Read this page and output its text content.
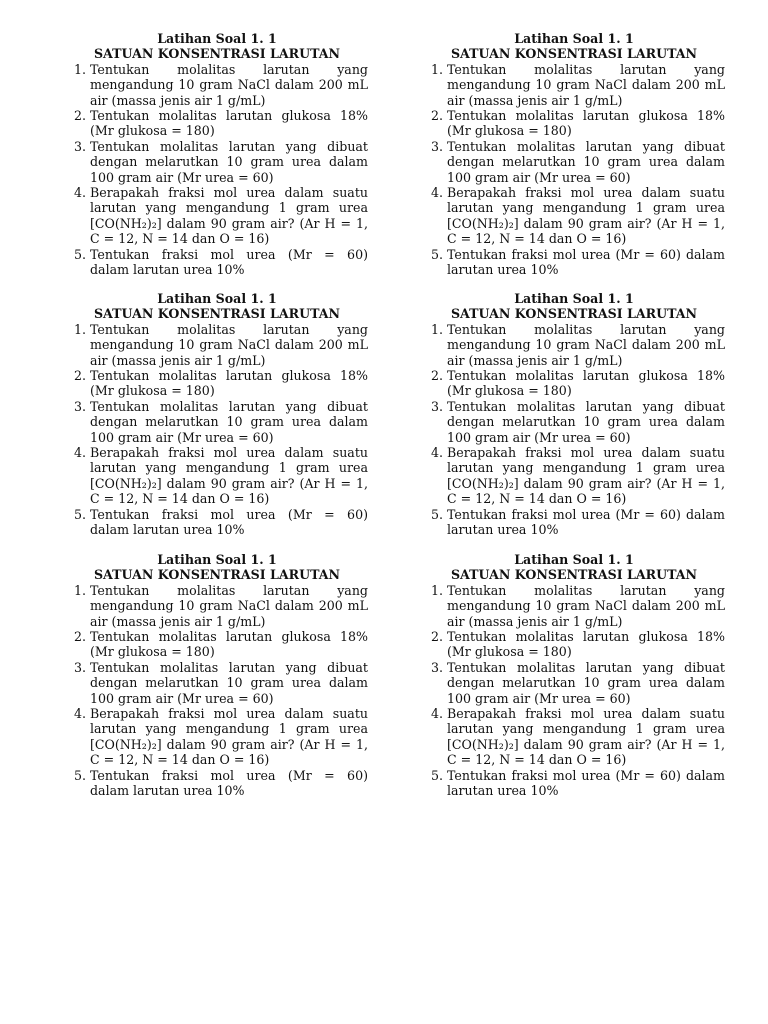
Latihan Soal 1. 1
SATUAN KONSENTRASI LARUTAN
1. Tentukan molalitas larutan yang
mengandung 10 gram NaCl dalam 200 mL
air (massa jenis air 1 g/mL)
2. Tentukan molalitas larutan glukosa 18%
(Mr glukosa = 180)
3. Tentukan molalitas larutan yang dibuat
dengan melarutkan 10 gram urea dalam
100 gram air (Mr urea = 60)
4. Berapakah fraksi mol urea dalam suatu
larutan yang mengandung 1 gram urea
[CO(NH₂)₂] dalam 90 gram air? (Ar H = 1,
C = 12, N = 14 dan O = 16)
5. Tentukan fraksi mol urea (Mr = 60)
dalam larutan urea 10%
Latihan Soal 1. 1
SATUAN KONSENTRASI LARUTAN
1. Tentukan molalitas larutan yang
mengandung 10 gram NaCl dalam 200 mL
air (massa jenis air 1 g/mL)
2. Tentukan molalitas larutan glukosa 18%
(Mr glukosa = 180)
3. Tentukan molalitas larutan yang dibuat
dengan melarutkan 10 gram urea dalam
100 gram air (Mr urea = 60)
4. Berapakah fraksi mol urea dalam suatu
larutan yang mengandung 1 gram urea
[CO(NH₂)₂] dalam 90 gram air? (Ar H = 1,
C = 12, N = 14 dan O = 16)
5. Tentukan fraksi mol urea (Mr = 60) dalam
larutan urea 10%
Latihan Soal 1. 1
SATUAN KONSENTRASI LARUTAN
1. Tentukan molalitas larutan yang
mengandung 10 gram NaCl dalam 200 mL
air (massa jenis air 1 g/mL)
2. Tentukan molalitas larutan glukosa 18%
(Mr glukosa = 180)
3. Tentukan molalitas larutan yang dibuat
dengan melarutkan 10 gram urea dalam
100 gram air (Mr urea = 60)
4. Berapakah fraksi mol urea dalam suatu
larutan yang mengandung 1 gram urea
[CO(NH₂)₂] dalam 90 gram air? (Ar H = 1,
C = 12, N = 14 dan O = 16)
5. Tentukan fraksi mol urea (Mr = 60)
dalam larutan urea 10%
Latihan Soal 1. 1
SATUAN KONSENTRASI LARUTAN
1. Tentukan molalitas larutan yang
mengandung 10 gram NaCl dalam 200 mL
air (massa jenis air 1 g/mL)
2. Tentukan molalitas larutan glukosa 18%
(Mr glukosa = 180)
3. Tentukan molalitas larutan yang dibuat
dengan melarutkan 10 gram urea dalam
100 gram air (Mr urea = 60)
4. Berapakah fraksi mol urea dalam suatu
larutan yang mengandung 1 gram urea
[CO(NH₂)₂] dalam 90 gram air? (Ar H = 1,
C = 12, N = 14 dan O = 16)
5. Tentukan fraksi mol urea (Mr = 60) dalam
larutan urea 10%
Latihan Soal 1. 1
SATUAN KONSENTRASI LARUTAN
1. Tentukan molalitas larutan yang
mengandung 10 gram NaCl dalam 200 mL
air (massa jenis air 1 g/mL)
2. Tentukan molalitas larutan glukosa 18%
(Mr glukosa = 180)
3. Tentukan molalitas larutan yang dibuat
dengan melarutkan 10 gram urea dalam
100 gram air (Mr urea = 60)
4. Berapakah fraksi mol urea dalam suatu
larutan yang mengandung 1 gram urea
[CO(NH₂)₂] dalam 90 gram air? (Ar H = 1,
C = 12, N = 14 dan O = 16)
5. Tentukan fraksi mol urea (Mr = 60)
dalam larutan urea 10%
Latihan Soal 1. 1
SATUAN KONSENTRASI LARUTAN
1. Tentukan molalitas larutan yang
mengandung 10 gram NaCl dalam 200 mL
air (massa jenis air 1 g/mL)
2. Tentukan molalitas larutan glukosa 18%
(Mr glukosa = 180)
3. Tentukan molalitas larutan yang dibuat
dengan melarutkan 10 gram urea dalam
100 gram air (Mr urea = 60)
4. Berapakah fraksi mol urea dalam suatu
larutan yang mengandung 1 gram urea
[CO(NH₂)₂] dalam 90 gram air? (Ar H = 1,
C = 12, N = 14 dan O = 16)
5. Tentukan fraksi mol urea (Mr = 60) dalam
larutan urea 10%
